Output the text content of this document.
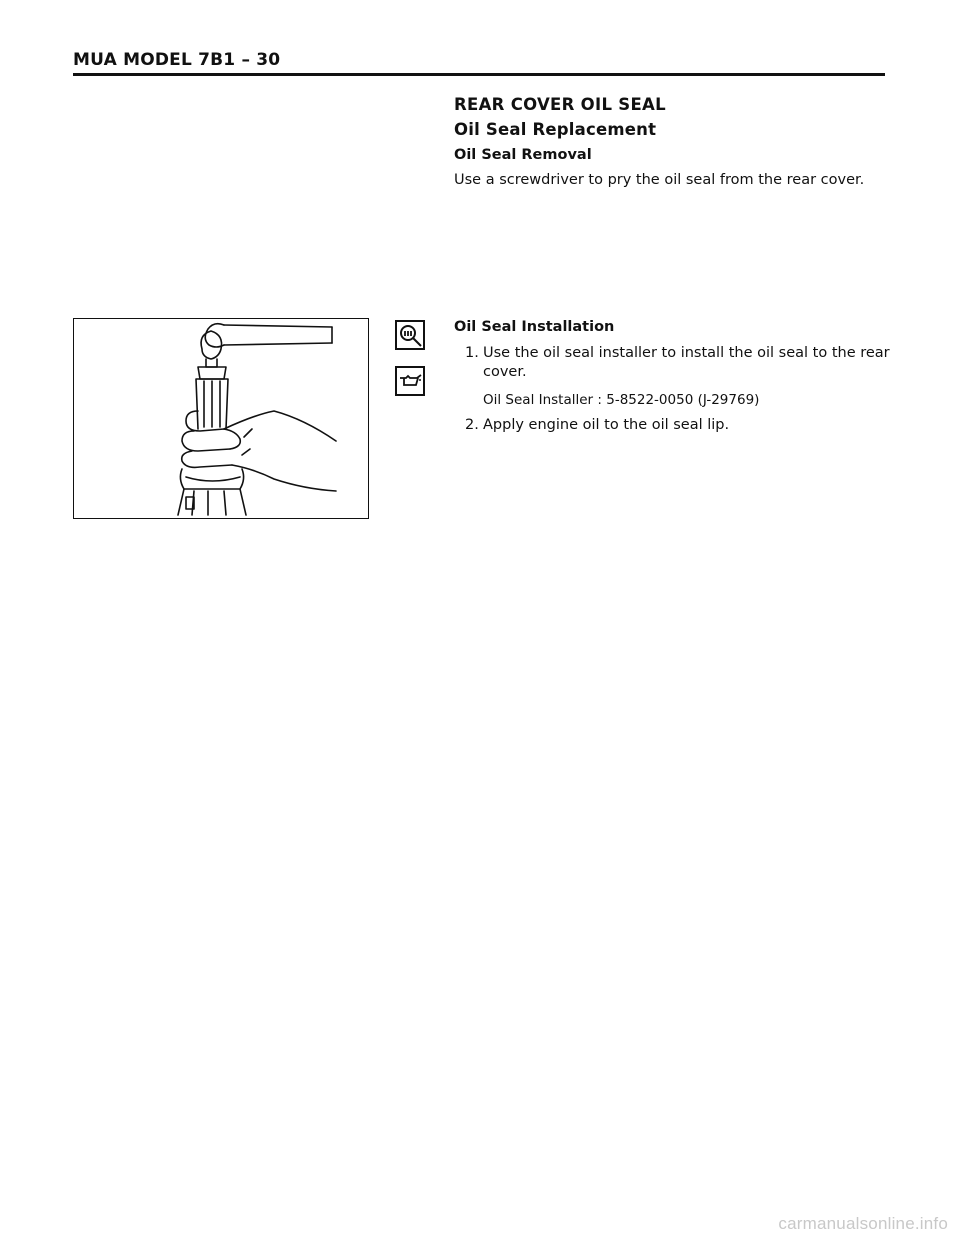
MUA MODEL 7B1 – 30
REAR COVER OIL SEAL
Oil Seal Replacement
Oil Seal Removal
Use a screwdriver to pry the oil seal from the rear cover.
Oil Seal Installation
1. Use the oil seal installer to install the oil seal to the rear cover.
Oil Seal Installer : 5-8522-0050 (J-29769)
2. Apply engine oil to the oil seal lip.
carmanualsonline.info
